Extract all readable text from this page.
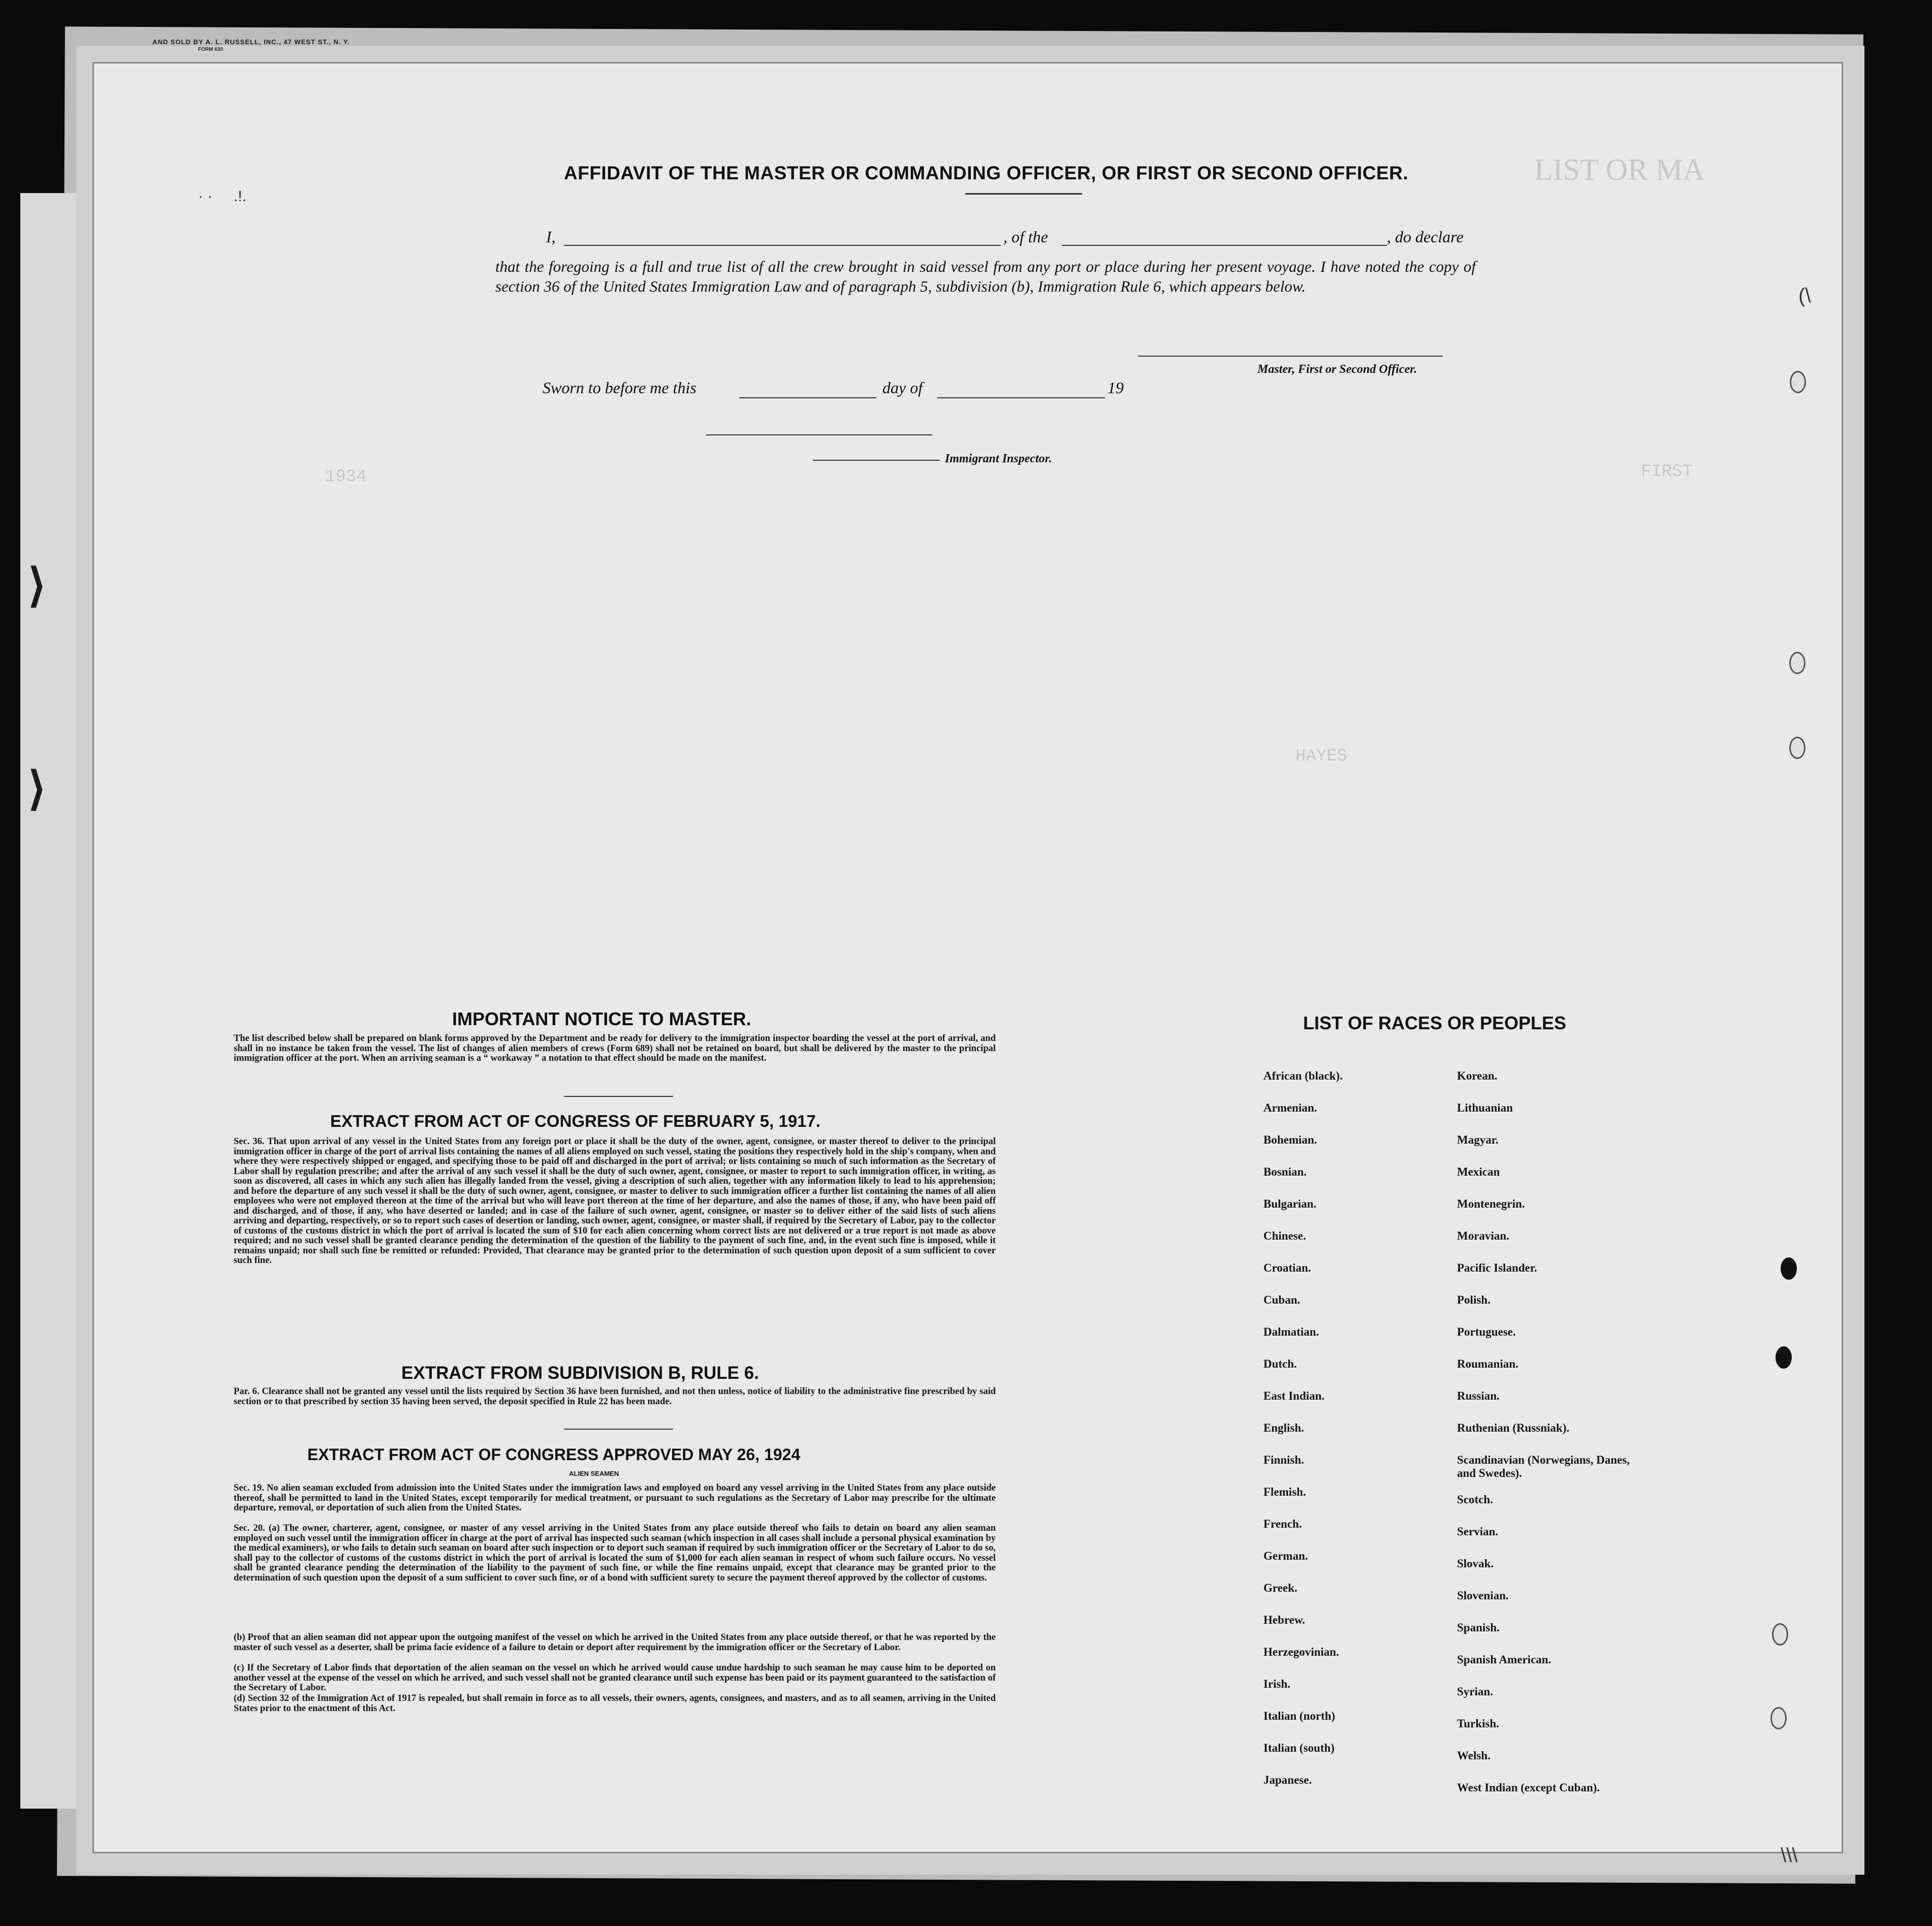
⟩
⟩
LIST OR MA
1934	FIRST
HAYES
AND SOLD BY A. L. RUSSELL, INC., 47 WEST ST., N. Y.
FORM 630
AFFIDAVIT OF THE MASTER OR COMMANDING OFFICER, OR FIRST OR SECOND OFFICER.
I,	, of the	, do declare
that the foregoing is a full and true list of all the crew brought in said vessel from any port or place during her present voyage. I have noted the copy of section 36 of the United States Immigration Law and of paragraph 5, subdivision (b), Immigration Rule 6, which appears below.
Master, First or Second Officer.
Sworn to before me this	day of	19
Immigrant Inspector.
IMPORTANT NOTICE TO MASTER.
The list described below shall be prepared on blank forms approved by the Department and be ready for delivery to the immigration inspector boarding the vessel at the port of arrival, and shall in no instance be taken from the vessel. The list of changes of alien members of crews (Form 689) shall not be retained on board, but shall be delivered by the master to the principal immigration officer at the port. When an arriving seaman is a “ workaway ” a notation to that effect should be made on the manifest.
EXTRACT FROM ACT OF CONGRESS OF FEBRUARY 5, 1917.
Sec. 36. That upon arrival of any vessel in the United States from any foreign port or place it shall be the duty of the owner, agent, consignee, or master thereof to deliver to the principal immigration officer in charge of the port of arrival lists containing the names of all aliens employed on such vessel, stating the positions they respectively hold in the ship's company, when and where they were respectively shipped or engaged, and specifying those to be paid off and discharged in the port of arrival; or lists containing so much of such information as the Secretary of Labor shall by regulation prescribe; and after the arrival of any such vessel it shall be the duty of such owner, agent, consignee, or master to report to such immigration officer, in writing, as soon as discovered, all cases in which any such alien has illegally landed from the vessel, giving a description of such alien, together with any information likely to lead to his apprehension; and before the departure of any such vessel it shall be the duty of such owner, agent, consignee, or master to deliver to such immigration officer a further list containing the names of all alien employees who were not employed thereon at the time of the arrival but who will leave port thereon at the time of her departure, and also the names of those, if any, who have been paid off and discharged, and of those, if any, who have deserted or landed; and in case of the failure of such owner, agent, consignee, or master so to deliver either of the said lists of such aliens arriving and departing, respectively, or so to report such cases of desertion or landing, such owner, agent, consignee, or master shall, if required by the Secretary of Labor, pay to the collector of customs of the customs district in which the port of arrival is located the sum of $10 for each alien concerning whom correct lists are not delivered or a true report is not made as above required; and no such vessel shall be granted clearance pending the determination of the question of the liability to the payment of such fine, and, in the event such fine is imposed, while it remains unpaid; nor shall such fine be remitted or refunded: Provided, That clearance may be granted prior to the determination of such question upon deposit of a sum sufficient to cover such fine.
EXTRACT FROM SUBDIVISION B, RULE 6.
Par. 6. Clearance shall not be granted any vessel until the lists required by Section 36 have been furnished, and not then unless, notice of liability to the administrative fine prescribed by said section or to that prescribed by section 35 having been served, the deposit specified in Rule 22 has been made.
EXTRACT FROM ACT OF CONGRESS APPROVED MAY 26, 1924
ALIEN SEAMEN
Sec. 19. No alien seaman excluded from admission into the United States under the immigration laws and employed on board any vessel arriving in the United States from any place outside thereof, shall be permitted to land in the United States, except temporarily for medical treatment, or pursuant to such regulations as the Secretary of Labor may prescribe for the ultimate departure, removal, or deportation of such alien from the United States.
Sec. 20. (a) The owner, charterer, agent, consignee, or master of any vessel arriving in the United States from any place outside thereof who fails to detain on board any alien seaman employed on such vessel until the immigration officer in charge at the port of arrival has inspected such seaman (which inspection in all cases shall include a personal physical examination by the medical examiners), or who fails to detain such seaman on board after such inspection or to deport such seaman if required by such immigration officer or the Secretary of Labor to do so, shall pay to the collector of customs of the customs district in which the port of arrival is located the sum of $1,000 for each alien seaman in respect of whom such failure occurs. No vessel shall be granted clearance pending the determination of the liability to the payment of such fine, or while the fine remains unpaid, except that clearance may be granted prior to the determination of such question upon the deposit of a sum sufficient to cover such fine, or of a bond with sufficient surety to secure the payment thereof approved by the collector of customs.
(b) Proof that an alien seaman did not appear upon the outgoing manifest of the vessel on which he arrived in the United States from any place outside thereof, or that he was reported by the master of such vessel as a deserter, shall be prima facie evidence of a failure to detain or deport after requirement by the immigration officer or the Secretary of Labor.
(c) If the Secretary of Labor finds that deportation of the alien seaman on the vessel on which he arrived would cause undue hardship to such seaman he may cause him to be deported on another vessel at the expense of the vessel on which he arrived, and such vessel shall not be granted clearance until such expense has been paid or its payment guaranteed to the satisfaction of the Secretary of Labor.
(d) Section 32 of the Immigration Act of 1917 is repealed, but shall remain in force as to all vessels, their owners, agents, consignees, and masters, and as to all seamen, arriving in the United States prior to the enactment of this Act.
LIST OF RACES OR PEOPLES
African (black).
Armenian.
Bohemian.
Bosnian.
Bulgarian.
Chinese.
Croatian.
Cuban.
Dalmatian.
Dutch.
East Indian.
English.
Finnish.
Flemish.
French.
German.
Greek.
Hebrew.
Herzegovinian.
Irish.
Italian (north)
Italian (south)
Japanese.
Korean.
Lithuanian
Magyar.
Mexican
Montenegrin.
Moravian.
Pacific Islander.
Polish.
Portuguese.
Roumanian.
Russian.
Ruthenian (Russniak).
Scandinavian (Norwegians, Danes, and Swedes).
Scotch.
Servian.
Slovak.
Slovenian.
Spanish.
Spanish American.
Syrian.
Turkish.
Welsh.
West Indian (except Cuban).
(\
\\\
· ·     .!.
